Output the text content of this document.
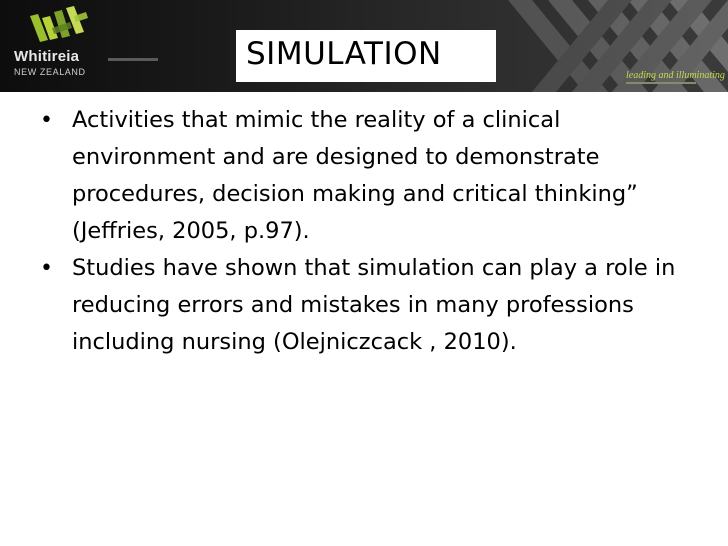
Whitireia
NEW ZEALAND	leading and illuminating
SIMULATION
• Activities that mimic the reality of a clinical environment and are designed to demonstrate procedures, decision making and critical thinking” (Jeffries, 2005, p.97).
• Studies have shown that simulation can play a role in reducing errors and mistakes in many professions including nursing (Olejniczcack , 2010).
